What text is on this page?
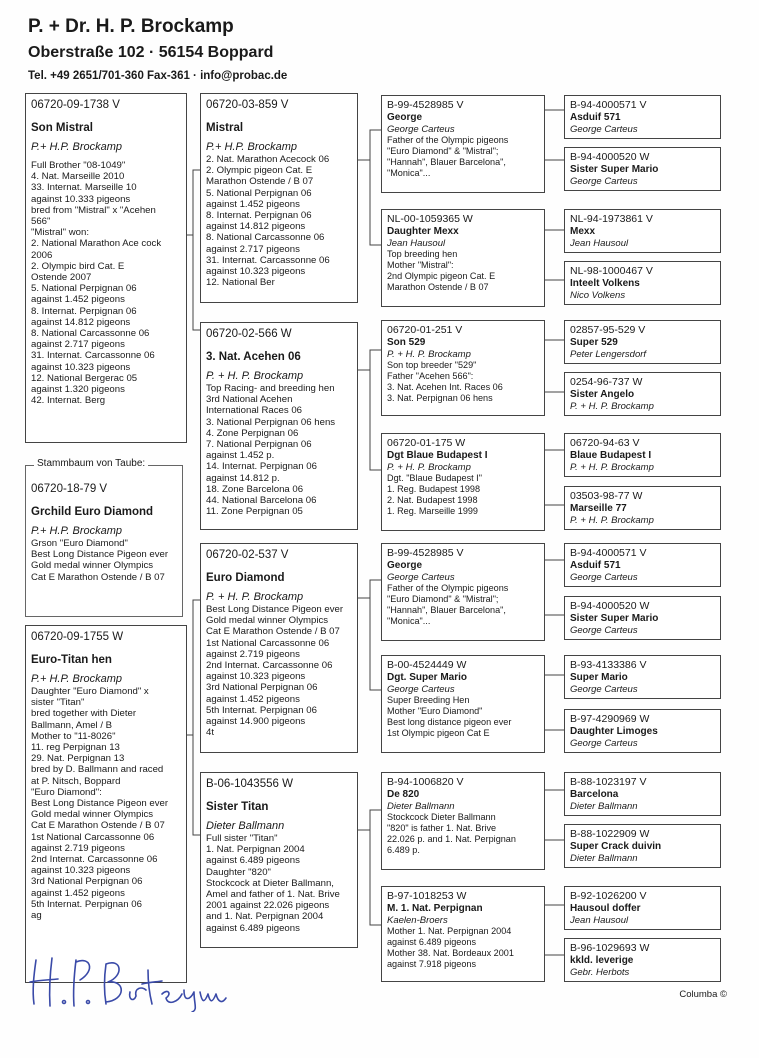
P. + Dr. H. P. Brockamp
Oberstraße 102 · 56154 Boppard
Tel. +49 2651/701-360 Fax-361 · info@probac.de
06720-09-1738 V
Son Mistral
P.+ H.P. Brockamp
Full Brother "08-1049"
4. Nat. Marseille 2010
33. Internat. Marseille 10
against 10.333 pigeons
bred from "Mistral" x "Acehen
566"
"Mistral" won:
2. National Marathon Ace cock
2006
2. Olympic bird Cat. E
Ostende 2007
5. National Perpignan 06
against 1.452 pigeons
8. Internat. Perpignan 06
against 14.812 pigeons
8. National Carcassonne 06
against 2.717 pigeons
31. Internat. Carcassonne 06
against 10.323 pigeons
12. National Bergerac 05
against 1.320 pigeons
42. Internat. Berg
06720-18-79 V
Grchild Euro Diamond
P.+ H.P. Brockamp
Grson "Euro Diamond"
Best Long Distance Pigeon ever
Gold medal winner Olympics
Cat E Marathon Ostende / B 07
Stammbaum von Taube:
06720-09-1755 W
Euro-Titan hen
P.+ H.P. Brockamp
Daughter "Euro Diamond" x
sister "Titan"
bred together with Dieter
Ballmann, Amel / B
Mother to "11-8026"
11. reg Perpignan 13
29. Nat. Perpignan 13
bred by D. Ballmann and raced
at P. Nitsch, Boppard
"Euro Diamond":
Best Long Distance Pigeon ever
Gold medal winner Olympics
Cat E Marathon Ostende / B 07
1st National Carcassonne 06
against 2.719 pigeons
2nd Internat. Carcassonne 06
against 10.323 pigeons
3rd National Perpignan 06
against 1.452 pigeons
5th Internat. Perpignan 06
ag
06720-03-859 V
Mistral
P.+ H.P. Brockamp
2. Nat. Marathon Acecock 06
2. Olympic pigeon Cat. E
Marathon Ostende / B 07
5. National Perpignan 06
against 1.452 pigeons
8. Internat. Perpignan 06
against 14.812 pigeons
8. National Carcassonne 06
against 2.717 pigeons
31. Internat. Carcassonne 06
against 10.323 pigeons
12. National Ber
06720-02-566 W
3. Nat. Acehen 06
P. + H. P. Brockamp
Top Racing- and breeding hen
3rd National Acehen
International Races 06
3. National Perpignan 06 hens
4. Zone Perpignan 06
7. National Perpignan 06
against 1.452 p.
14. Internat. Perpignan 06
against 14.812 p.
18. Zone Barcelona 06
44. National Barcelona 06
11. Zone Perpignan 05
06720-02-537 V
Euro Diamond
P. + H. P. Brockamp
Best Long Distance Pigeon ever
Gold medal winner Olympics
Cat E Marathon Ostende / B 07
1st National Carcassonne 06
against 2.719 pigeons
2nd Internat. Carcassonne 06
against 10.323 pigeons
3rd National Perpignan 06
against 1.452 pigeons
5th Internat. Perpignan 06
against 14.900 pigeons
4t
B-06-1043556 W
Sister Titan
Dieter Ballmann
Full sister "Titan"
1. Nat. Perpignan 2004
against 6.489 pigeons
Daughter "820"
Stockcock at Dieter Ballmann,
Amel and father of 1. Nat. Brive
2001 against 22.026 pigeons
and 1. Nat. Perpignan 2004
against 6.489 pigeons
B-99-4528985 V
George
George Carteus
Father of the Olympic pigeons
"Euro Diamond" & "Mistral";
"Hannah", Blauer Barcelona",
"Monica"...
NL-00-1059365 W
Daughter Mexx
Jean Hausoul
Top breeding hen
Mother "Mistral":
2nd Olympic pigeon Cat. E
Marathon Ostende / B 07
06720-01-251 V
Son 529
P. + H. P. Brockamp
Son top breeder "529"
Father "Acehen 566":
3. Nat. Acehen Int. Races 06
3. Nat. Perpignan 06 hens
06720-01-175 W
Dgt Blaue Budapest I
P. + H. P. Brockamp
Dgt. "Blaue Budapest I"
1. Reg. Budapest 1998
2. Nat. Budapest 1998
1. Reg. Marseille 1999
B-99-4528985 V
George
George Carteus
Father of the Olympic pigeons
"Euro Diamond" & "Mistral";
"Hannah", Blauer Barcelona",
"Monica"...
B-00-4524449 W
Dgt. Super Mario
George Carteus
Super Breeding Hen
Mother "Euro Diamond"
Best long distance pigeon ever
1st Olympic pigeon Cat E
B-94-1006820 V
De 820
Dieter Ballmann
Stockcock Dieter Ballmann
"820" is father 1. Nat. Brive
22.026 p. and 1. Nat. Perpignan
6.489 p.
B-97-1018253 W
M. 1. Nat. Perpignan
Kaelen-Broers
Mother 1. Nat. Perpignan 2004
against 6.489 pigeons
Mother 38. Nat. Bordeaux 2001
against 7.918 pigeons
B-94-4000571 V
Asduif 571
George Carteus
B-94-4000520 W
Sister Super Mario
George Carteus
NL-94-1973861 V
Mexx
Jean Hausoul
NL-98-1000467 V
Inteelt Volkens
Nico Volkens
02857-95-529 V
Super 529
Peter Lengersdorf
0254-96-737 W
Sister Angelo
P. + H. P. Brockamp
06720-94-63 V
Blaue Budapest I
P. + H. P. Brockamp
03503-98-77 W
Marseille 77
P. + H. P. Brockamp
B-94-4000571 V
Asduif 571
George Carteus
B-94-4000520 W
Sister Super Mario
George Carteus
B-93-4133386 V
Super Mario
George Carteus
B-97-4290969 W
Daughter Limoges
George Carteus
B-88-1023197 V
Barcelona
Dieter Ballmann
B-88-1022909 W
Super Crack duivin
Dieter Ballmann
B-92-1026200 V
Hausoul doffer
Jean Hausoul
B-96-1029693 W
kkld. leverige
Gebr. Herbots
Columba ©
